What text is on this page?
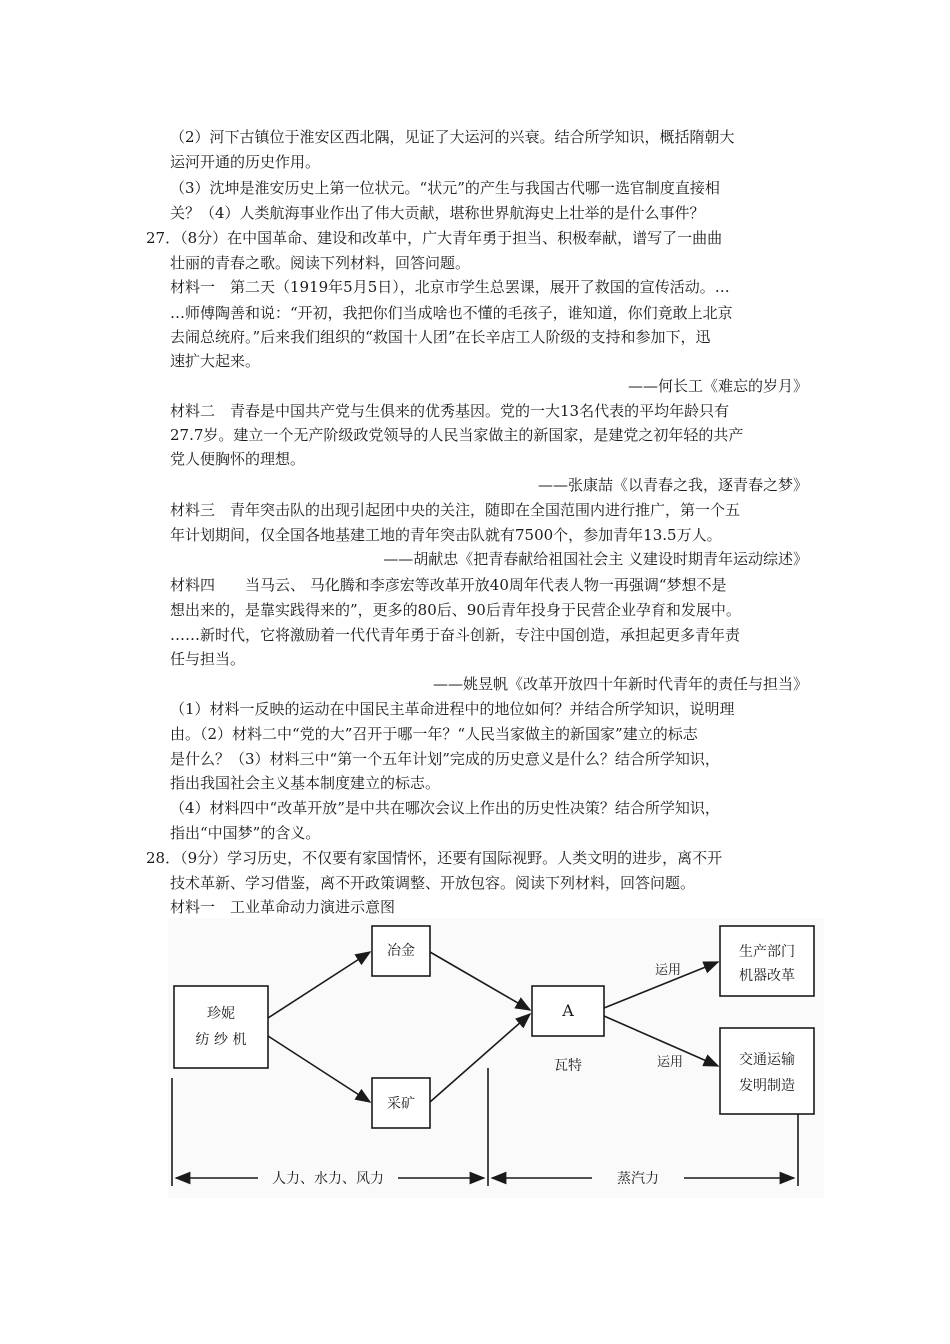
（2）河下古镇位于淮安区西北隅，见证了大运河的兴衰。结合所学知识，概括隋朝大
运河开通的历史作用。
（3）沈坤是淮安历史上第一位状元。“状元”的产生与我国古代哪一选官制度直接相
关？（4）人类航海事业作出了伟大贡献，堪称世界航海史上壮举的是什么事件？
27．（8分）在中国革命、建设和改革中，广大青年勇于担当、积极奉献，谱写了一曲曲
壮丽的青春之歌。阅读下列材料，回答问题。
材料一　第二天（1919年5月5日），北京市学生总罢课，展开了救国的宣传活动。…
…师傅陶善和说：“开初，我把你们当成啥也不懂的毛孩子，谁知道，你们竟敢上北京
去闹总统府。”后来我们组织的“救国十人团”在长辛店工人阶级的支持和参加下，迅
速扩大起来。
——何长工《难忘的岁月》
材料二　青春是中国共产党与生俱来的优秀基因。党的一大13名代表的平均年龄只有
27.7岁。建立一个无产阶级政党领导的人民当家做主的新国家，是建党之初年轻的共产
党人便胸怀的理想。
——张康喆《以青春之我，逐青春之梦》
材料三　青年突击队的出现引起团中央的关注，随即在全国范围内进行推广，第一个五
年计划期间，仅全国各地基建工地的青年突击队就有7500个，参加青年13.5万人。
——胡献忠《把青春献给祖国社会主 义建设时期青年运动综述》
材料四　　当马云、 马化腾和李彦宏等改革开放40周年代表人物一再强调“梦想不是
想出来的，是靠实践得来的”，更多的80后、90后青年投身于民营企业孕育和发展中。
……新时代，它将激励着一代代青年勇于奋斗创新，专注中国创造，承担起更多青年责
任与担当。
——姚昱帆《改革开放四十年新时代青年的责任与担当》
（1）材料一反映的运动在中国民主革命进程中的地位如何？并结合所学知识，说明理
由。（2）材料二中“党的大”召开于哪一年？“人民当家做主的新国家”建立的标志
是什么？（3）材料三中“第一个五年计划”完成的历史意义是什么？结合所学知识，
指出我国社会主义基本制度建立的标志。
（4）材料四中“改革开放”是中共在哪次会议上作出的历史性决策？结合所学知识，
指出“中国梦”的含义。
28．（9分）学习历史，不仅要有家国情怀，还要有国际视野。人类文明的进步，离不开
技术革新、学习借鉴，离不开政策调整、开放包容。阅读下列材料，回答问题。
材料一　工业革命动力演进示意图
珍妮
纺 纱 机
冶金
采矿
A
瓦特
生产部门
机器改革
交通运输
发明制造
运用
运用
人力、水力、风力	蒸汽力
